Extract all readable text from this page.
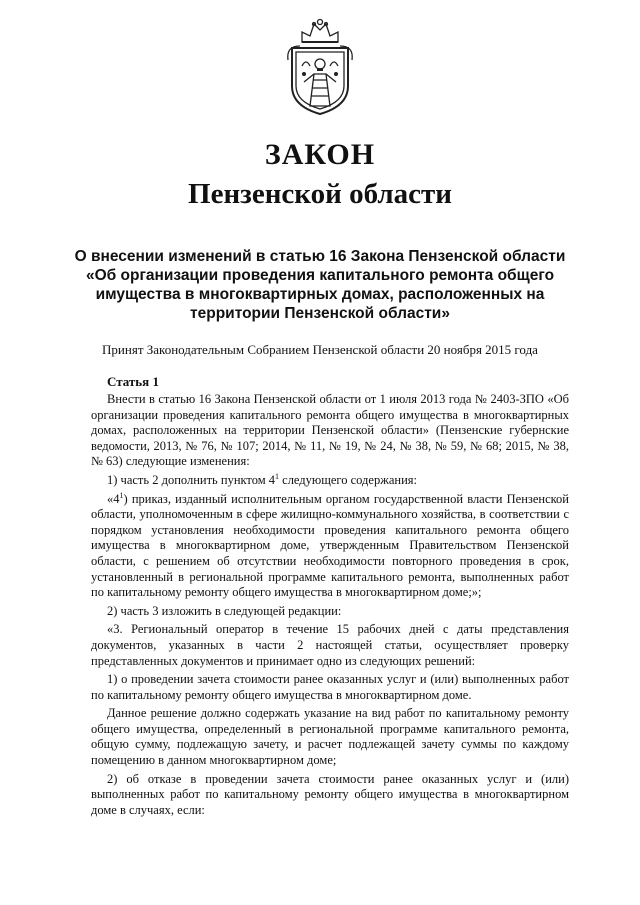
ЗАКОН
Пензенской области
О внесении изменений в статью 16 Закона Пензенской области
«Об организации проведения капитального ремонта общего
имущества в многоквартирных домах, расположенных на
территории Пензенской области»
Принят Законодательным Собранием Пензенской области 20 ноября 2015 года
Статья 1

Внести в статью 16 Закона Пензенской области от 1 июля 2013 года № 2403-ЗПО «Об организации проведения капитального ремонта общего имущества в многоквартирных домах, расположенных на территории Пензенской области» (Пензенские губернские ведомости, 2013, № 76, № 107; 2014, № 11, № 19, № 24, № 38, № 59, № 68; 2015, № 38, № 63) следующие изменения:

1) часть 2 дополнить пунктом $4^1$ следующего содержания:

«$4^1$) приказ, изданный исполнительным органом государственной власти Пензенской области, уполномоченным в сфере жилищно-коммунального хозяйства, в соответствии с порядком установления необходимости проведения капитального ремонта общего имущества в многоквартирном доме, утвержденным Правительством Пензенской области, с решением об отсутствии необходимости повторного проведения в срок, установленный в региональной программе капитального ремонта, выполненных работ по капитальному ремонту общего имущества в многоквартирном доме;»;

2) часть 3 изложить в следующей редакции:

«3. Региональный оператор в течение 15 рабочих дней с даты представления документов, указанных в части 2 настоящей статьи, осуществляет проверку представленных документов и принимает одно из следующих решений:

1) о проведении зачета стоимости ранее оказанных услуг и (или) выполненных работ по капитальному ремонту общего имущества в многоквартирном доме.

Данное решение должно содержать указание на вид работ по капитальному ремонту общего имущества, определенный в региональной программе капитального ремонта, общую сумму, подлежащую зачету, и расчет подлежащей зачету суммы по каждому помещению в данном многоквартирном доме;

2) об отказе в проведении зачета стоимости ранее оказанных услуг и (или) выполненных работ по капитальному ремонту общего имущества в многоквартирном доме в случаях, если:
